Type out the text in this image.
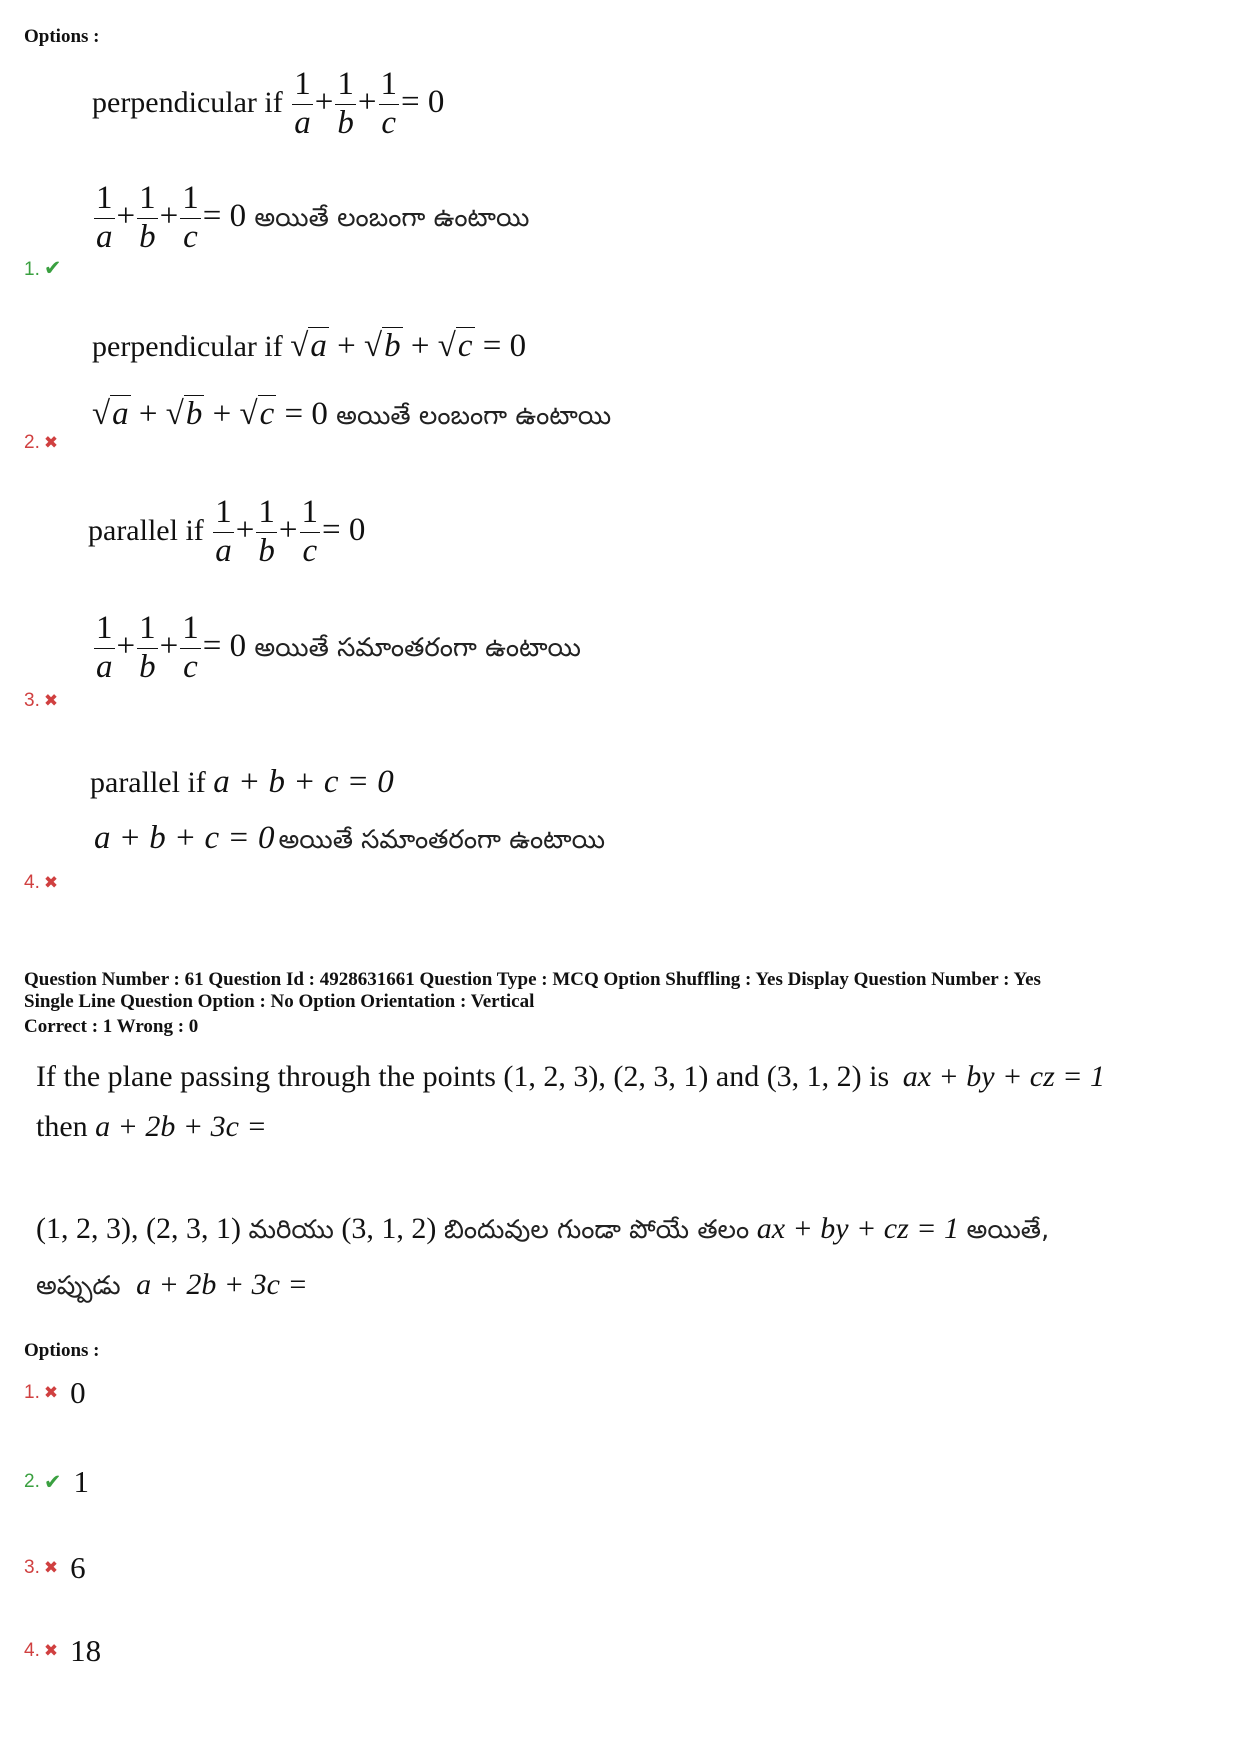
Options :
perpendicular if $\frac{1}{a} + \frac{1}{b} + \frac{1}{c} = 0$
$\frac{1}{a} + \frac{1}{b} + \frac{1}{c} = 0$ అయితే లంబంగా ఉంటాయి
1. ✔
perpendicular if √a + √b + √c = 0
√a + √b + √c = 0 అయితే లంబంగా ఉంటాయి
2. ✖
parallel if $\frac{1}{a} + \frac{1}{b} + \frac{1}{c} = 0$
$\frac{1}{a} + \frac{1}{b} + \frac{1}{c} = 0$ అయితే సమాంతరంగా ఉంటాయి
3. ✖
parallel if a + b + c = 0
a + b + c = 0 అయితే సమాంతరంగా ఉంటాయి
4. ✖
Question Number : 61 Question Id : 4928631661 Question Type : MCQ Option Shuffling : Yes Display Question Number : Yes
Single Line Question Option : No Option Orientation : Vertical
Correct : 1 Wrong : 0
If the plane passing through the points (1, 2, 3), (2, 3, 1) and (3, 1, 2) is ax + by + cz = 1
then a + 2b + 3c =
(1, 2, 3), (2, 3, 1) మరియు (3, 1, 2) బిందువుల గుండా పోయే తలం ax + by + cz = 1 అయితే,
అప్పుడు a + 2b + 3c =
Options :
1. ✖ 0
2. ✔ 1
3. ✖ 6
4. ✖ 18
